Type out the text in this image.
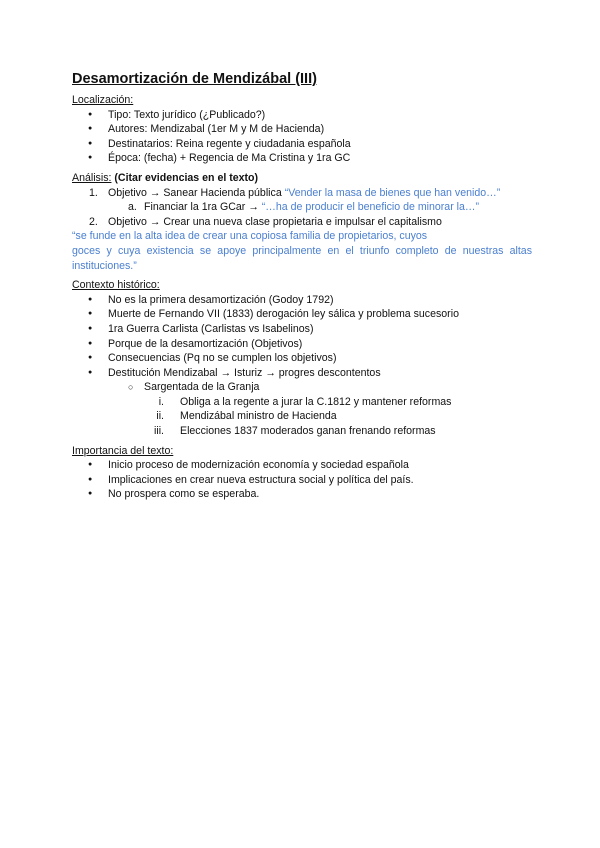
Desamortización de Mendizábal (III)
Localización:
● Tipo: Texto jurídico (¿Publicado?)
● Autores: Mendizabal (1er M y M de Hacienda)
● Destinatarios: Reina regente y ciudadania española
● Época: (fecha) + Regencia de Ma Cristina y 1ra GC
Análisis: (Citar evidencias en el texto)
1. Objetivo → Sanear Hacienda pública “Vender la masa de bienes que han venido…”
a. Financiar la 1ra GCar → “…ha de producir el beneficio de minorar la…”
2. Objetivo → Crear una nueva clase propietaria e impulsar el capitalismo
“se funde en la alta idea de crear una copiosa familia de propietarios, cuyos
goces y cuya existencia se apoye principalmente en el triunfo completo de nuestras altas instituciones.”
Contexto histórico:
● No es la primera desamortización (Godoy 1792)
● Muerte de Fernando VII (1833) derogación ley sálica y problema sucesorio
● 1ra Guerra Carlista (Carlistas vs Isabelinos)
● Porque de la desamortización (Objetivos)
● Consecuencias (Pq no se cumplen los objetivos)
● Destitución Mendizabal → Isturiz → progres descontentos
○ Sargentada de la Granja
i. Obliga a la regente a jurar la C.1812 y mantener reformas
ii. Mendizábal ministro de Hacienda
iii. Elecciones 1837 moderados ganan frenando reformas
Importancia del texto:
● Inicio proceso de modernización economía y sociedad española
● Implicaciones en crear nueva estructura social y política del país.
● No prospera como se esperaba.
